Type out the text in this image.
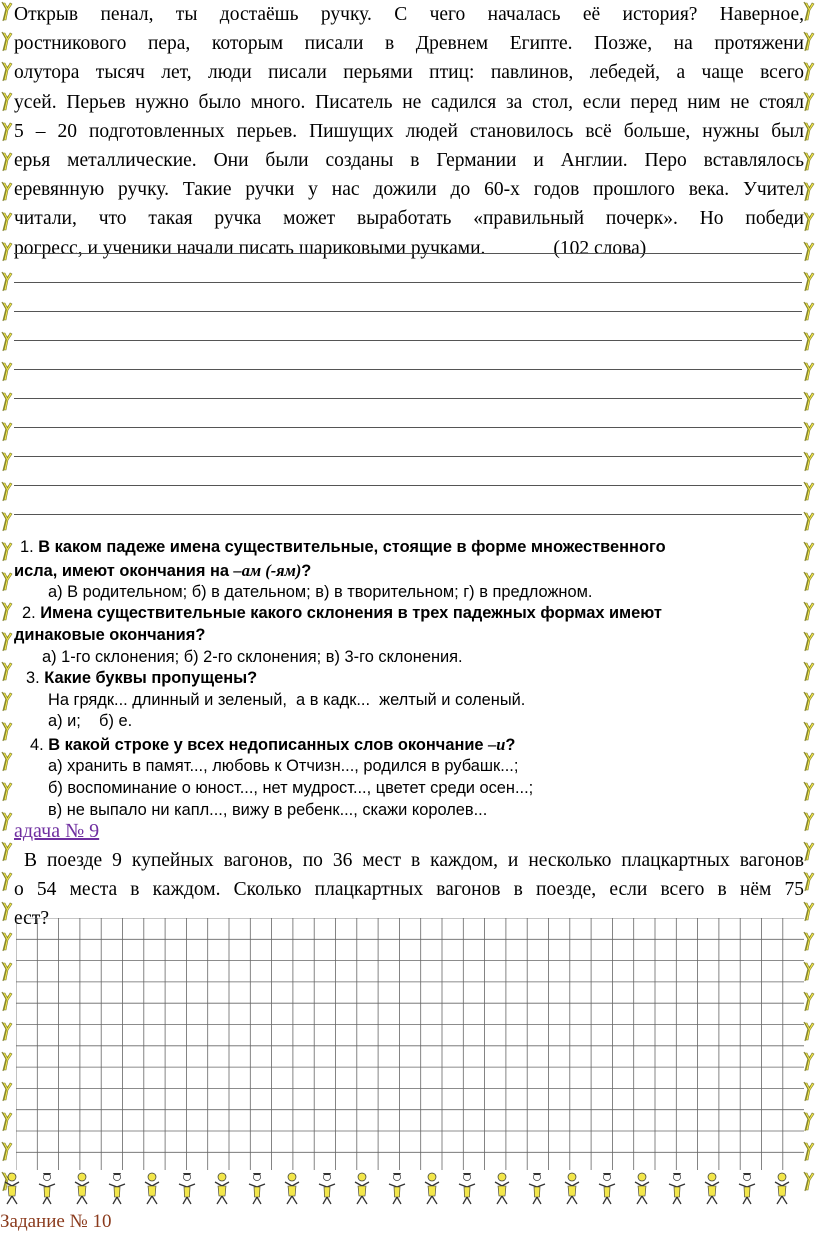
Открыв пенал, ты достаёшь ручку. С чего началась её история? Наверное,
ростникового пера, которым писали в Древнем Египте. Позже, на протяжени
олутора тысяч лет, люди писали перьями птиц: павлинов, лебедей, а чаще всего
усей. Перьев нужно было много. Писатель не садился за стол, если перед ним не стоял
5 – 20 подготовленных перьев. Пишущих людей становилось всё больше, нужны был
ерья металлические. Они были созданы в Германии и Англии. Перо вставлялось
еревянную ручку. Такие ручки у нас дожили до 60-х годов прошлого века. Учител
читали, что такая ручка может выработать «правильный почерк». Но победи
рогресс, и ученики начали писать шариковыми ручками.	(102 слова)
1. В каком падеже имена существительные, стоящие в форме множественного
исла, имеют окончания на –ам (-ям)?
а) В родительном; б) в дательном; в) в творительном; г) в предложном.
2. Имена существительные какого склонения в трех падежных формах имеют
динаковые окончания?
а) 1-го склонения; б) 2-го склонения; в) 3-го склонения.
3. Какие буквы пропущены?
На грядк... длинный и зеленый,  а в кадк...  желтый и соленый.
а) и;    б) е.
4. В какой строке у всех недописанных слов окончание –и?
а) хранить в памят..., любовь к Отчизн..., родился в рубашк...;
б) воспоминание о юност..., нет мудрост..., цветет среди осен...;
в) не выпало ни капл..., вижу в ребенк..., скажи королев...
адача № 9
В поезде 9 купейных вагонов, по 36 мест в каждом, и несколько плацкартных вагонов
о 54 места в каждом. Сколько плацкартных вагонов в поезде, если всего в нём 75
ест?
Задание № 10
